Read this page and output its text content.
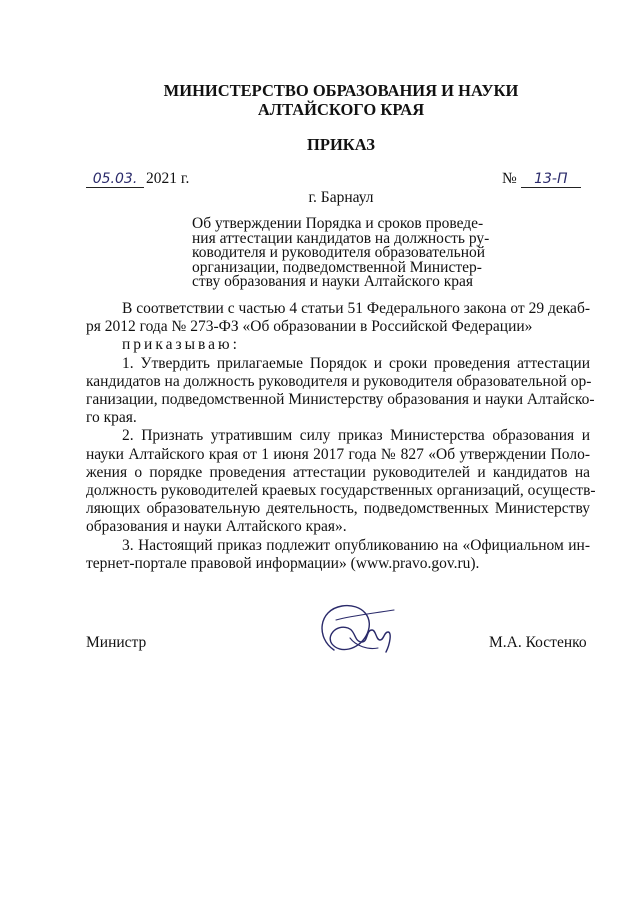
МИНИСТЕРСТВО ОБРАЗОВАНИЯ И НАУКИ
АЛТАЙСКОГО КРАЯ
ПРИКАЗ
05.03. 2021 г.	№ 13-П
г. Барнаул
Об утверждении Порядка и сроков проведе-
ния аттестации кандидатов на должность ру-
ководителя и руководителя образовательной
организации, подведомственной Министер-
ству образования и науки Алтайского края

В соответствии с частью 4 статьи 51 Федерального закона от 29 декаб-
ря 2012 года № 273-ФЗ «Об образовании в Российской Федерации»

приказываю:

1. Утвердить прилагаемые Порядок и сроки проведения аттестации
кандидатов на должность руководителя и руководителя образовательной ор-
ганизации, подведомственной Министерству образования и науки Алтайско-
го края.

2. Признать утратившим силу приказ Министерства образования и
науки Алтайского края от 1 июня 2017 года № 827 «Об утверждении Поло-
жения о порядке проведения аттестации руководителей и кандидатов на
должность руководителей краевых государственных организаций, осуществ-
ляющих образовательную деятельность, подведомственных Министерству
образования и науки Алтайского края».

3. Настоящий приказ подлежит опубликованию на «Официальном ин-
тернет-портале правовой информации» (www.pravo.gov.ru).

Министр	М.А. Костенко
